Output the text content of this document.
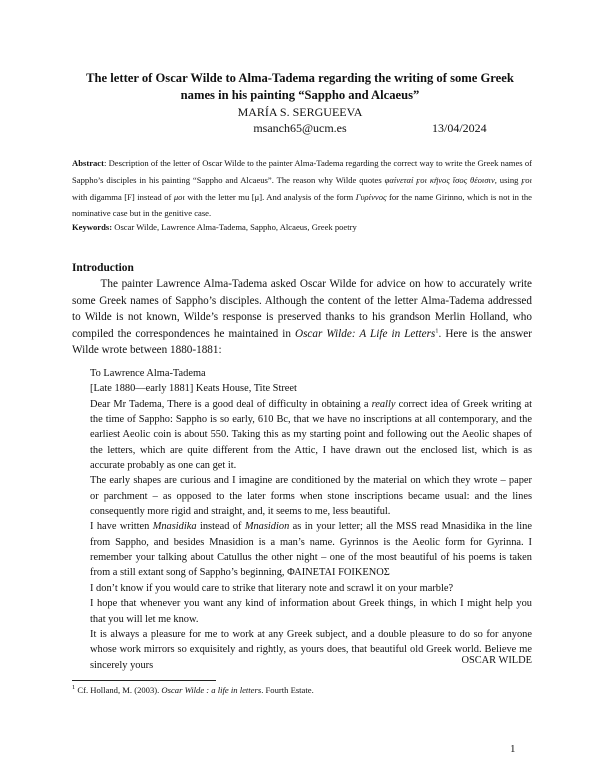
The letter of Oscar Wilde to Alma-Tadema regarding the writing of some Greek
names in his painting “Sappho and Alcaeus”
MARÍA S. SERGUEEVA
msanch65@ucm.es	13/04/2024
Abstract: Description of the letter of Oscar Wilde to the painter Alma-Tadema regarding the correct way to write the Greek names of Sappho’s disciples in his painting “Sappho and Alcaeus”. The reason why Wilde quotes φαίνεταί ϝοι κῆνος ἴσος θέοισιν, using ϝοι with digamma [F] instead of μοι with the letter mu [μ]. And analysis of the form Γυρίννος for the name Girinno, which is not in the nominative case but in the genitive case.
Keywords: Oscar Wilde, Lawrence Alma-Tadema, Sappho, Alcaeus, Greek poetry
Introduction

The painter Lawrence Alma-Tadema asked Oscar Wilde for advice on how to accurately write some Greek names of Sappho’s disciples. Although the content of the letter Alma-Tadema addressed to Wilde is not known, Wilde’s response is preserved thanks to his grandson Merlin Holland, who compiled the correspondences he maintained in Oscar Wilde: A Life in Letters$^1$. Here is the answer Wilde wrote between 1880-1881:

To Lawrence Alma-Tadema

[Late 1880—early 1881] Keats House, Tite Street

Dear Mr Tadema, There is a good deal of difficulty in obtaining a really correct idea of Greek writing at the time of Sappho: Sappho is so early, 610 Bc, that we have no inscriptions at all contemporary, and the earliest Aeolic coin is about 550. Taking this as my starting point and following out the Aeolic shapes of the letters, which are quite different from the Attic, I have drawn out the enclosed list, which is as accurate probably as one can get it.

The early shapes are curious and I imagine are conditioned by the material on which they wrote – paper or parchment – as opposed to the later forms when stone inscriptions became usual: and the lines consequently more rigid and straight, and, it seems to me, less beautiful.

I have written Mnasidika instead of Mnasidion as in your letter; all the MSS read Mnasidika in the line from Sappho, and besides Mnasidion is a man’s name. Gyrinnos is the Aeolic form for Gyrinna. I remember your talking about Catullus the other night – one of the most beautiful of his poems is taken from a still extant song of Sappho’s beginning, ΦΑΙΝΕΤΑΙ FOIKENOΣ

I don’t know if you would care to strike that literary note and scrawl it on your marble?

I hope that whenever you want any kind of information about Greek things, in which I might help you that you will let me know.

It is always a pleasure for me to work at any Greek subject, and a double pleasure to do so for anyone whose work mirrors so exquisitely and rightly, as yours does, that beautiful old Greek world. Believe me sincerely yours	OSCAR WILDE
$^1$ Cf. Holland, M. (2003). Oscar Wilde : a life in letters. Fourth Estate.
1
